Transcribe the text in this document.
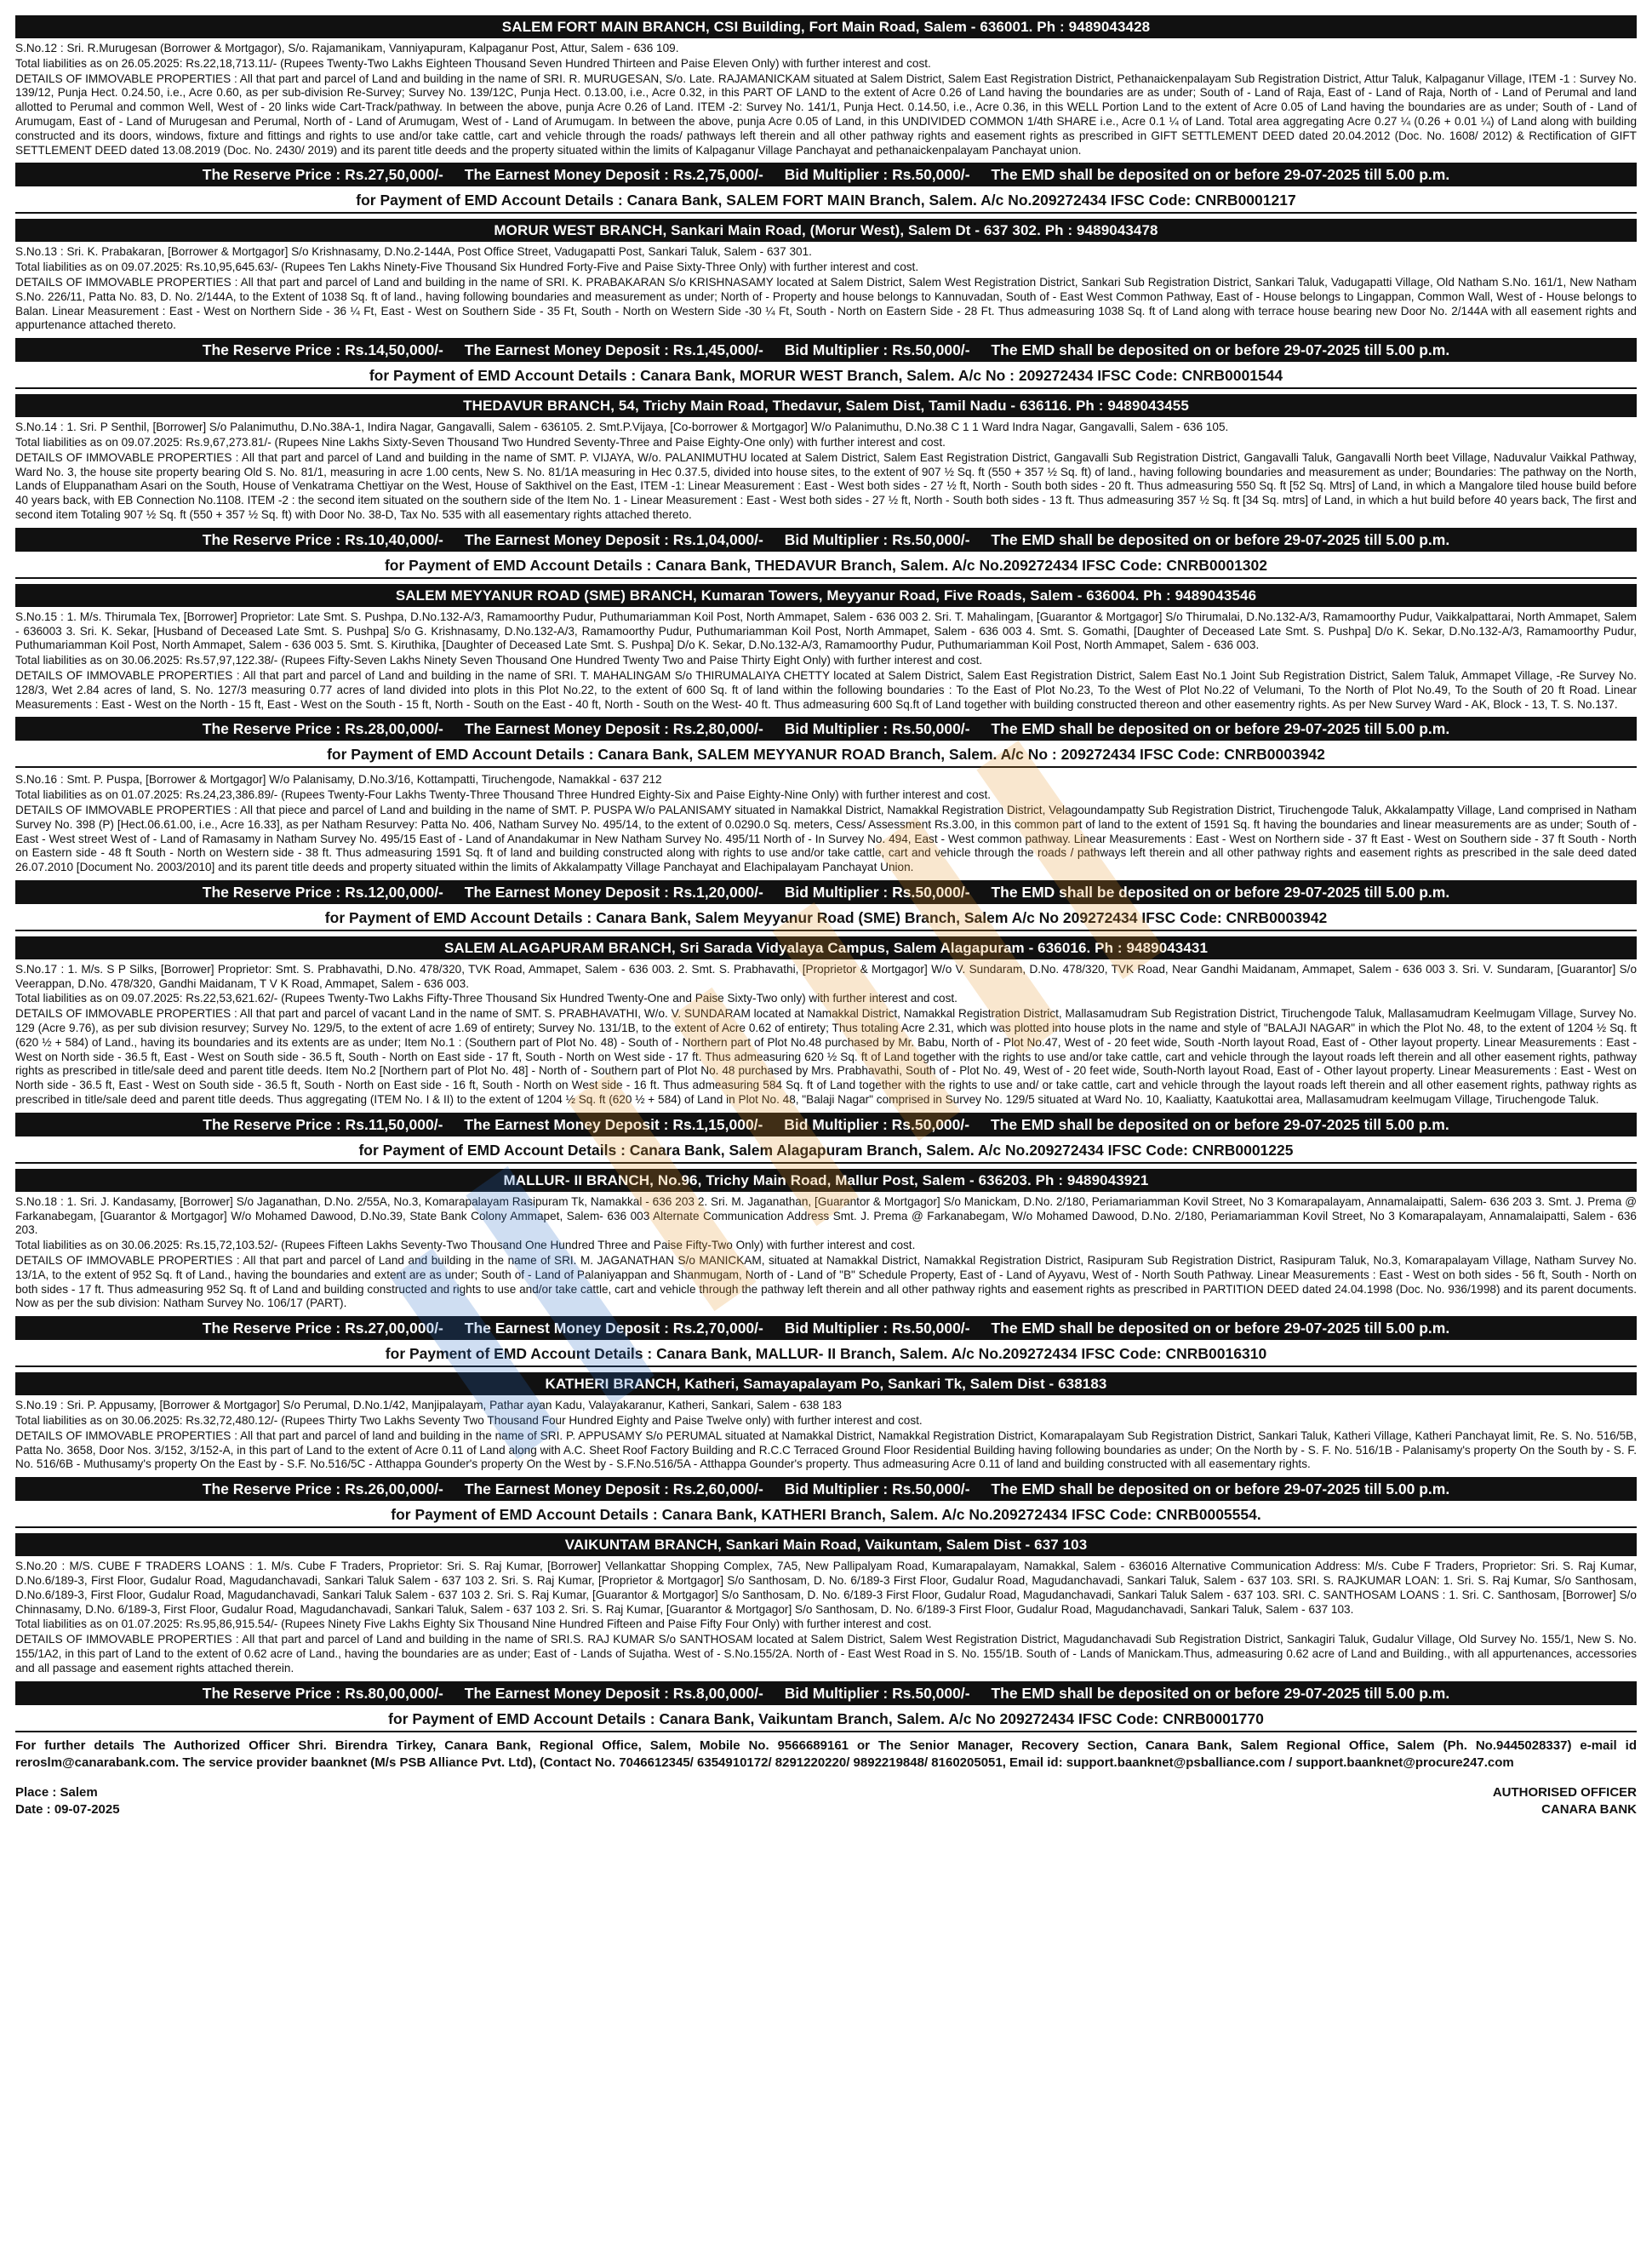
SALEM FORT MAIN BRANCH, CSI Building, Fort Main Road, Salem - 636001. Ph : 9489043428

S.No.12 : Sri. R.Murugesan (Borrower & Mortgagor), S/o. Rajamanikam, Vanniyapuram, Kalpaganur Post, Attur, Salem - 636 109.

Total liabilities as on 26.05.2025: Rs.22,18,713.11/- (Rupees Twenty-Two Lakhs Eighteen Thousand Seven Hundred Thirteen and Paise Eleven Only) with further interest and cost.

DETAILS OF IMMOVABLE PROPERTIES : All that part and parcel of Land and building in the name of SRI. R. MURUGESAN, S/o. Late. RAJAMANICKAM situated at Salem District, Salem East Registration District, Pethanaickenpalayam Sub Registration District, Attur Taluk, Kalpaganur Village, ITEM -1 : Survey No. 139/12, Punja Hect. 0.24.50, i.e., Acre 0.60, as per sub-division Re-Survey; Survey No. 139/12C, Punja Hect. 0.13.00, i.e., Acre 0.32, in this PART OF LAND to the extent of Acre 0.26 of Land having the boundaries are as under; South of - Land of Raja, East of - Land of Raja, North of - Land of Perumal and land allotted to Perumal and common Well, West of - 20 links wide Cart-Track/pathway. In between the above, punja Acre 0.26 of Land. ITEM -2: Survey No. 141/1, Punja Hect. 0.14.50, i.e., Acre 0.36, in this WELL Portion Land to the extent of Acre 0.05 of Land having the boundaries are as under; South of - Land of Arumugam, East of - Land of Murugesan and Perumal, North of - Land of Arumugam, West of - Land of Arumugam. In between the above, punja Acre 0.05 of Land, in this UNDIVIDED COMMON 1/4th SHARE i.e., Acre 0.1 ¼ of Land. Total area aggregating Acre 0.27 ¼ (0.26 + 0.01 ¼) of Land along with building constructed and its doors, windows, fixture and fittings and rights to use and/or take cattle, cart and vehicle through the roads/ pathways left therein and all other pathway rights and easement rights as prescribed in GIFT SETTLEMENT DEED dated 20.04.2012 (Doc. No. 1608/ 2012) & Rectification of GIFT SETTLEMENT DEED dated 13.08.2019 (Doc. No. 2430/ 2019) and its parent title deeds and the property situated within the limits of Kalpaganur Village Panchayat and pethanaickenpalayam Panchayat union.

The Reserve Price : Rs.27,50,000/- The Earnest Money Deposit : Rs.2,75,000/- Bid Multiplier : Rs.50,000/- The EMD shall be deposited on or before 29-07-2025 till 5.00 p.m.
for Payment of EMD Account Details : Canara Bank, SALEM FORT MAIN Branch, Salem. A/c No.209272434 IFSC Code: CNRB0001217
MORUR WEST BRANCH, Sankari Main Road, (Morur West), Salem Dt - 637 302. Ph : 9489043478

S.No.13 : Sri. K. Prabakaran, [Borrower & Mortgagor] S/o Krishnasamy, D.No.2-144A, Post Office Street, Vadugapatti Post, Sankari Taluk, Salem - 637 301.

Total liabilities as on 09.07.2025: Rs.10,95,645.63/- (Rupees Ten Lakhs Ninety-Five Thousand Six Hundred Forty-Five and Paise Sixty-Three Only) with further interest and cost.

DETAILS OF IMMOVABLE PROPERTIES : All that part and parcel of Land and building in the name of SRI. K. PRABAKARAN S/o KRISHNASAMY located at Salem District, Salem West Registration District, Sankari Sub Registration District, Sankari Taluk, Vadugapatti Village, Old Natham S.No. 161/1, New Natham S.No. 226/11, Patta No. 83, D. No. 2/144A, to the Extent of 1038 Sq. ft of land., having following boundaries and measurement as under; North of - Property and house belongs to Kannuvadan, South of - East West Common Pathway, East of - House belongs to Lingappan, Common Wall, West of - House belongs to Balan. Linear Measurement : East - West on Northern Side - 36 ¼ Ft, East - West on Southern Side - 35 Ft, South - North on Western Side -30 ¼ Ft, South - North on Eastern Side - 28 Ft. Thus admeasuring 1038 Sq. ft of Land along with terrace house bearing new Door No. 2/144A with all easement rights and appurtenance attached thereto.

The Reserve Price : Rs.14,50,000/- The Earnest Money Deposit : Rs.1,45,000/- Bid Multiplier : Rs.50,000/- The EMD shall be deposited on or before 29-07-2025 till 5.00 p.m.
for Payment of EMD Account Details : Canara Bank, MORUR WEST Branch, Salem. A/c No : 209272434 IFSC Code: CNRB0001544
THEDAVUR BRANCH, 54, Trichy Main Road, Thedavur, Salem Dist, Tamil Nadu - 636116. Ph : 9489043455

S.No.14 : 1. Sri. P Senthil, [Borrower] S/o Palanimuthu, D.No.38A-1, Indira Nagar, Gangavalli, Salem - 636105. 2. Smt.P.Vijaya, [Co-borrower & Mortgagor] W/o Palanimuthu, D.No.38 C 1 1 Ward Indra Nagar, Gangavalli, Salem - 636 105.

Total liabilities as on 09.07.2025: Rs.9,67,273.81/- (Rupees Nine Lakhs Sixty-Seven Thousand Two Hundred Seventy-Three and Paise Eighty-One only) with further interest and cost.

DETAILS OF IMMOVABLE PROPERTIES : All that part and parcel of Land and building in the name of SMT. P. VIJAYA, W/o. PALANIMUTHU located at Salem District, Salem East Registration District, Gangavalli Sub Registration District, Gangavalli Taluk, Gangavalli North beet Village, Naduvalur Vaikkal Pathway, Ward No. 3, the house site property bearing Old S. No. 81/1, measuring in acre 1.00 cents, New S. No. 81/1A measuring in Hec 0.37.5, divided into house sites, to the extent of 907 ½ Sq. ft (550 + 357 ½ Sq. ft) of land., having following boundaries and measurement as under; Boundaries: The pathway on the North, Lands of Eluppanatham Asari on the South, House of Venkatrama Chettiyar on the West, House of Sakthivel on the East, ITEM -1: Linear Measurement : East - West both sides - 27 ½ ft, North - South both sides - 20 ft. Thus admeasuring 550 Sq. ft [52 Sq. Mtrs] of Land, in which a Mangalore tiled house build before 40 years back, with EB Connection No.1108. ITEM -2 : the second item situated on the southern side of the Item No. 1 - Linear Measurement : East - West both sides - 27 ½ ft, North - South both sides - 13 ft. Thus admeasuring 357 ½ Sq. ft [34 Sq. mtrs] of Land, in which a hut build before 40 years back, The first and second item Totaling 907 ½ Sq. ft (550 + 357 ½ Sq. ft) with Door No. 38-D, Tax No. 535 with all easementary rights attached thereto.

The Reserve Price : Rs.10,40,000/- The Earnest Money Deposit : Rs.1,04,000/- Bid Multiplier : Rs.50,000/- The EMD shall be deposited on or before 29-07-2025 till 5.00 p.m.
for Payment of EMD Account Details : Canara Bank, THEDAVUR Branch, Salem. A/c No.209272434 IFSC Code: CNRB0001302
SALEM MEYYANUR ROAD (SME) BRANCH, Kumaran Towers, Meyyanur Road, Five Roads, Salem - 636004. Ph : 9489043546

S.No.15 : 1. M/s. Thirumala Tex, [Borrower] Proprietor: Late Smt. S. Pushpa, D.No.132-A/3, Ramamoorthy Pudur, Puthumariamman Koil Post, North Ammapet, Salem - 636 003 2. Sri. T. Mahalingam, [Guarantor & Mortgagor] S/o Thirumalai, D.No.132-A/3, Ramamoorthy Pudur, Vaikkalpattarai, North Ammapet, Salem - 636003 3. Sri. K. Sekar, [Husband of Deceased Late Smt. S. Pushpa] S/o G. Krishnasamy, D.No.132-A/3, Ramamoorthy Pudur, Puthumariamman Koil Post, North Ammapet, Salem - 636 003 4. Smt. S. Gomathi, [Daughter of Deceased Late Smt. S. Pushpa] D/o K. Sekar, D.No.132-A/3, Ramamoorthy Pudur, Puthumariamman Koil Post, North Ammapet, Salem - 636 003 5. Smt. S. Kiruthika, [Daughter of Deceased Late Smt. S. Pushpa] D/o K. Sekar, D.No.132-A/3, Ramamoorthy Pudur, Puthumariamman Koil Post, North Ammapet, Salem - 636 003.

Total liabilities as on 30.06.2025: Rs.57,97,122.38/- (Rupees Fifty-Seven Lakhs Ninety Seven Thousand One Hundred Twenty Two and Paise Thirty Eight Only) with further interest and cost.

DETAILS OF IMMOVABLE PROPERTIES : All that part and parcel of Land and building in the name of SRI. T. MAHALINGAM S/o THIRUMALAIYA CHETTY located at Salem District, Salem East Registration District, Salem East No.1 Joint Sub Registration District, Salem Taluk, Ammapet Village, -Re Survey No. 128/3, Wet 2.84 acres of land, S. No. 127/3 measuring 0.77 acres of land divided into plots in this Plot No.22, to the extent of 600 Sq. ft of land within the following boundaries : To the East of Plot No.23, To the West of Plot No.22 of Velumani, To the North of Plot No.49, To the South of 20 ft Road. Linear Measurements : East - West on the North - 15 ft, East - West on the South - 15 ft, North - South on the East - 40 ft, North - South on the West- 40 ft. Thus admeasuring 600 Sq.ft of Land together with building constructed thereon and other easementry rights. As per New Survey Ward - AK, Block - 13, T. S. No.137.

The Reserve Price : Rs.28,00,000/- The Earnest Money Deposit : Rs.2,80,000/- Bid Multiplier : Rs.50,000/- The EMD shall be deposited on or before 29-07-2025 till 5.00 p.m.
for Payment of EMD Account Details : Canara Bank, SALEM MEYYANUR ROAD Branch, Salem. A/c No : 209272434 IFSC Code: CNRB0003942

S.No.16 : Smt. P. Puspa, [Borrower & Mortgagor] W/o Palanisamy, D.No.3/16, Kottampatti, Tiruchengode, Namakkal - 637 212

Total liabilities as on 01.07.2025: Rs.24,23,386.89/- (Rupees Twenty-Four Lakhs Twenty-Three Thousand Three Hundred Eighty-Six and Paise Eighty-Nine Only) with further interest and cost.

DETAILS OF IMMOVABLE PROPERTIES : All that piece and parcel of Land and building in the name of SMT. P. PUSPA W/o PALANISAMY situated in Namakkal District, Namakkal Registration District, Velagoundampatty Sub Registration District, Tiruchengode Taluk, Akkalampatty Village, Land comprised in Natham Survey No. 398 (P) [Hect.06.61.00, i.e., Acre 16.33], as per Natham Resurvey: Patta No. 406, Natham Survey No. 495/14, to the extent of 0.0290.0 Sq. meters, Cess/ Assessment Rs.3.00, in this common part of land to the extent of 1591 Sq. ft having the boundaries and linear measurements are as under; South of - East - West street West of - Land of Ramasamy in Natham Survey No. 495/15 East of - Land of Anandakumar in New Natham Survey No. 495/11 North of - In Survey No. 494, East - West common pathway. Linear Measurements : East - West on Northern side - 37 ft East - West on Southern side - 37 ft South - North on Eastern side - 48 ft South - North on Western side - 38 ft. Thus admeasuring 1591 Sq. ft of land and building constructed along with rights to use and/or take cattle, cart and vehicle through the roads / pathways left therein and all other pathway rights and easement rights as prescribed in the sale deed dated 26.07.2010 [Document No. 2003/2010] and its parent title deeds and property situated within the limits of Akkalampatty Village Panchayat and Elachipalayam Panchayat Union.

The Reserve Price : Rs.12,00,000/- The Earnest Money Deposit : Rs.1,20,000/- Bid Multiplier : Rs.50,000/- The EMD shall be deposited on or before 29-07-2025 till 5.00 p.m.
for Payment of EMD Account Details : Canara Bank, Salem Meyyanur Road (SME) Branch, Salem A/c No 209272434 IFSC Code: CNRB0003942
SALEM ALAGAPURAM BRANCH, Sri Sarada Vidyalaya Campus, Salem Alagapuram - 636016. Ph : 9489043431

S.No.17 : 1. M/s. S P Silks, [Borrower] Proprietor: Smt. S. Prabhavathi, D.No. 478/320, TVK Road, Ammapet, Salem - 636 003. 2. Smt. S. Prabhavathi, [Proprietor & Mortgagor] W/o V. Sundaram, D.No. 478/320, TVK Road, Near Gandhi Maidanam, Ammapet, Salem - 636 003 3. Sri. V. Sundaram, [Guarantor] S/o Veerappan, D.No. 478/320, Gandhi Maidanam, T V K Road, Ammapet, Salem - 636 003.

Total liabilities as on 09.07.2025: Rs.22,53,621.62/- (Rupees Twenty-Two Lakhs Fifty-Three Thousand Six Hundred Twenty-One and Paise Sixty-Two only) with further interest and cost.

DETAILS OF IMMOVABLE PROPERTIES : All that part and parcel of vacant Land in the name of SMT. S. PRABHAVATHI, W/o. V. SUNDARAM located at Namakkal District, Namakkal Registration District, Mallasamudram Sub Registration District, Tiruchengode Taluk, Mallasamudram Keelmugam Village, Survey No. 129 (Acre 9.76), as per sub division resurvey; Survey No. 129/5, to the extent of acre 1.69 of entirety; Survey No. 131/1B, to the extent of Acre 0.62 of entirety; Thus totaling Acre 2.31, which was plotted into house plots in the name and style of "BALAJI NAGAR" in which the Plot No. 48, to the extent of 1204 ½ Sq. ft (620 ½ + 584) of Land., having its boundaries and its extents are as under; Item No.1 : (Southern part of Plot No. 48) - South of - Northern part of Plot No.48 purchased by Mr. Babu, North of - Plot No.47, West of - 20 feet wide, South -North layout Road, East of - Other layout property. Linear Measurements : East - West on North side - 36.5 ft, East - West on South side - 36.5 ft, South - North on East side - 17 ft, South - North on West side - 17 ft. Thus admeasuring 620 ½ Sq. ft of Land together with the rights to use and/or take cattle, cart and vehicle through the layout roads left therein and all other easement rights, pathway rights as prescribed in title/sale deed and parent title deeds. Item No.2 [Northern part of Plot No. 48] - North of - Southern part of Plot No. 48 purchased by Mrs. Prabhavathi, South of - Plot No. 49, West of - 20 feet wide, South-North layout Road, East of - Other layout property. Linear Measurements : East - West on North side - 36.5 ft, East - West on South side - 36.5 ft, South - North on East side - 16 ft, South - North on West side - 16 ft. Thus admeasuring 584 Sq. ft of Land together with the rights to use and/ or take cattle, cart and vehicle through the layout roads left therein and all other easement rights, pathway rights as prescribed in title/sale deed and parent title deeds. Thus aggregating (ITEM No. I & II) to the extent of 1204 ½ Sq. ft (620 ½ + 584) of Land in Plot No. 48, "Balaji Nagar" comprised in Survey No. 129/5 situated at Ward No. 10, Kaaliatty, Kaatukottai area, Mallasamudram keelmugam Village, Tiruchengode Taluk.

The Reserve Price : Rs.11,50,000/- The Earnest Money Deposit : Rs.1,15,000/- Bid Multiplier : Rs.50,000/- The EMD shall be deposited on or before 29-07-2025 till 5.00 p.m.
for Payment of EMD Account Details : Canara Bank, Salem Alagapuram Branch, Salem. A/c No.209272434 IFSC Code: CNRB0001225
MALLUR- II BRANCH, No.96, Trichy Main Road, Mallur Post, Salem - 636203. Ph : 9489043921

S.No.18 : 1. Sri. J. Kandasamy, [Borrower] S/o Jaganathan, D.No. 2/55A, No.3, Komarapalayam Rasipuram Tk, Namakkal - 636 203 2. Sri. M. Jaganathan, [Guarantor & Mortgagor] S/o Manickam, D.No. 2/180, Periamariamman Kovil Street, No 3 Komarapalayam, Annamalaipatti, Salem- 636 203 3. Smt. J. Prema @ Farkanabegam, [Guarantor & Mortgagor] W/o Mohamed Dawood, D.No.39, State Bank Colony Ammapet, Salem- 636 003 Alternate Communication Address Smt. J. Prema @ Farkanabegam, W/o Mohamed Dawood, D.No. 2/180, Periamariamman Kovil Street, No 3 Komarapalayam, Annamalaipatti, Salem - 636 203.

Total liabilities as on 30.06.2025: Rs.15,72,103.52/- (Rupees Fifteen Lakhs Seventy-Two Thousand One Hundred Three and Paise Fifty-Two Only) with further interest and cost.

DETAILS OF IMMOVABLE PROPERTIES : All that part and parcel of Land and building in the name of SRI. M. JAGANATHAN S/o MANICKAM, situated at Namakkal District, Namakkal Registration District, Rasipuram Sub Registration District, Rasipuram Taluk, No.3, Komarapalayam Village, Natham Survey No. 13/1A, to the extent of 952 Sq. ft of Land., having the boundaries and extent are as under; South of - Land of Palaniyappan and Shanmugam, North of - Land of "B" Schedule Property, East of - Land of Ayyavu, West of - North South Pathway. Linear Measurements : East - West on both sides - 56 ft, South - North on both sides - 17 ft. Thus admeasuring 952 Sq. ft of Land and building constructed and rights to use and/or take cattle, cart and vehicle through the pathway left therein and all other pathway rights and easement rights as prescribed in PARTITION DEED dated 24.04.1998 (Doc. No. 936/1998) and its parent documents. Now as per the sub division: Natham Survey No. 106/17 (PART).

The Reserve Price : Rs.27,00,000/- The Earnest Money Deposit : Rs.2,70,000/- Bid Multiplier : Rs.50,000/- The EMD shall be deposited on or before 29-07-2025 till 5.00 p.m.
for Payment of EMD Account Details : Canara Bank, MALLUR- II Branch, Salem. A/c No.209272434 IFSC Code: CNRB0016310
KATHERI BRANCH, Katheri, Samayapalayam Po, Sankari Tk, Salem Dist - 638183

S.No.19 : Sri. P. Appusamy, [Borrower & Mortgagor] S/o Perumal, D.No.1/42, Manjipalayam, Pathar ayan Kadu, Valayakaranur, Katheri, Sankari, Salem - 638 183

Total liabilities as on 30.06.2025: Rs.32,72,480.12/- (Rupees Thirty Two Lakhs Seventy Two Thousand Four Hundred Eighty and Paise Twelve only) with further interest and cost.

DETAILS OF IMMOVABLE PROPERTIES : All that part and parcel of land and building in the name of SRI. P. APPUSAMY S/o PERUMAL situated at Namakkal District, Namakkal Registration District, Komarapalayam Sub Registration District, Sankari Taluk, Katheri Village, Katheri Panchayat limit, Re. S. No. 516/5B, Patta No. 3658, Door Nos. 3/152, 3/152-A, in this part of Land to the extent of Acre 0.11 of Land along with A.C. Sheet Roof Factory Building and R.C.C Terraced Ground Floor Residential Building having following boundaries as under; On the North by - S. F. No. 516/1B - Palanisamy's property On the South by - S. F. No. 516/6B - Muthusamy's property On the East by - S.F. No.516/5C - Atthappa Gounder's property On the West by - S.F.No.516/5A - Atthappa Gounder's property. Thus admeasuring Acre 0.11 of land and building constructed with all easementary rights.

The Reserve Price : Rs.26,00,000/- The Earnest Money Deposit : Rs.2,60,000/- Bid Multiplier : Rs.50,000/- The EMD shall be deposited on or before 29-07-2025 till 5.00 p.m.
for Payment of EMD Account Details : Canara Bank, KATHERI Branch, Salem. A/c No.209272434 IFSC Code: CNRB0005554.
VAIKUNTAM BRANCH, Sankari Main Road, Vaikuntam, Salem Dist - 637 103

S.No.20 : M/S. CUBE F TRADERS LOANS : 1. M/s. Cube F Traders, Proprietor: Sri. S. Raj Kumar, [Borrower] Vellankattar Shopping Complex, 7A5, New Pallipalyam Road, Kumarapalayam, Namakkal, Salem - 636016 Alternative Communication Address: M/s. Cube F Traders, Proprietor: Sri. S. Raj Kumar, D.No.6/189-3, First Floor, Gudalur Road, Magudanchavadi, Sankari Taluk Salem - 637 103 2. Sri. S. Raj Kumar, [Proprietor & Mortgagor] S/o Santhosam, D. No. 6/189-3 First Floor, Gudalur Road, Magudanchavadi, Sankari Taluk, Salem - 637 103. SRI. S. RAJKUMAR LOAN: 1. Sri. S. Raj Kumar, S/o Santhosam, D.No.6/189-3, First Floor, Gudalur Road, Magudanchavadi, Sankari Taluk Salem - 637 103 2. Sri. S. Raj Kumar, [Guarantor & Mortgagor] S/o Santhosam, D. No. 6/189-3 First Floor, Gudalur Road, Magudanchavadi, Sankari Taluk Salem - 637 103. SRI. C. SANTHOSAM LOANS : 1. Sri. C. Santhosam, [Borrower] S/o Chinnasamy, D.No. 6/189-3, First Floor, Gudalur Road, Magudanchavadi, Sankari Taluk, Salem - 637 103 2. Sri. S. Raj Kumar, [Guarantor & Mortgagor] S/o Santhosam, D. No. 6/189-3 First Floor, Gudalur Road, Magudanchavadi, Sankari Taluk, Salem - 637 103.

Total liabilities as on 01.07.2025: Rs.95,86,915.54/- (Rupees Ninety Five Lakhs Eighty Six Thousand Nine Hundred Fifteen and Paise Fifty Four Only) with further interest and cost.

DETAILS OF IMMOVABLE PROPERTIES : All that part and parcel of Land and building in the name of SRI.S. RAJ KUMAR S/o SANTHOSAM located at Salem District, Salem West Registration District, Magudanchavadi Sub Registration District, Sankagiri Taluk, Gudalur Village, Old Survey No. 155/1, New S. No. 155/1A2, in this part of Land to the extent of 0.62 acre of Land., having the boundaries are as under; East of - Lands of Sujatha. West of - S.No.155/2A. North of - East West Road in S. No. 155/1B. South of - Lands of Manickam.Thus, admeasuring 0.62 acre of Land and Building., with all appurtenances, accessories and all passage and easement rights attached therein.

The Reserve Price : Rs.80,00,000/- The Earnest Money Deposit : Rs.8,00,000/- Bid Multiplier : Rs.50,000/- The EMD shall be deposited on or before 29-07-2025 till 5.00 p.m.
for Payment of EMD Account Details : Canara Bank, Vaikuntam Branch, Salem. A/c No 209272434 IFSC Code: CNRB0001770

For further details The Authorized Officer Shri. Birendra Tirkey, Canara Bank, Regional Office, Salem, Mobile No. 9566689161 or The Senior Manager, Recovery Section, Canara Bank, Salem Regional Office, Salem (Ph. No.9445028337) e-mail id reroslm@canarabank.com. The service provider baanknet (M/s PSB Alliance Pvt. Ltd), (Contact No. 7046612345/ 6354910172/ 8291220220/ 9892219848/ 8160205051, Email id: support.baanknet@psballiance.com / support.baanknet@procure247.com

Place : Salem
Date : 09-07-2025
AUTHORISED OFFICER
CANARA BANK
